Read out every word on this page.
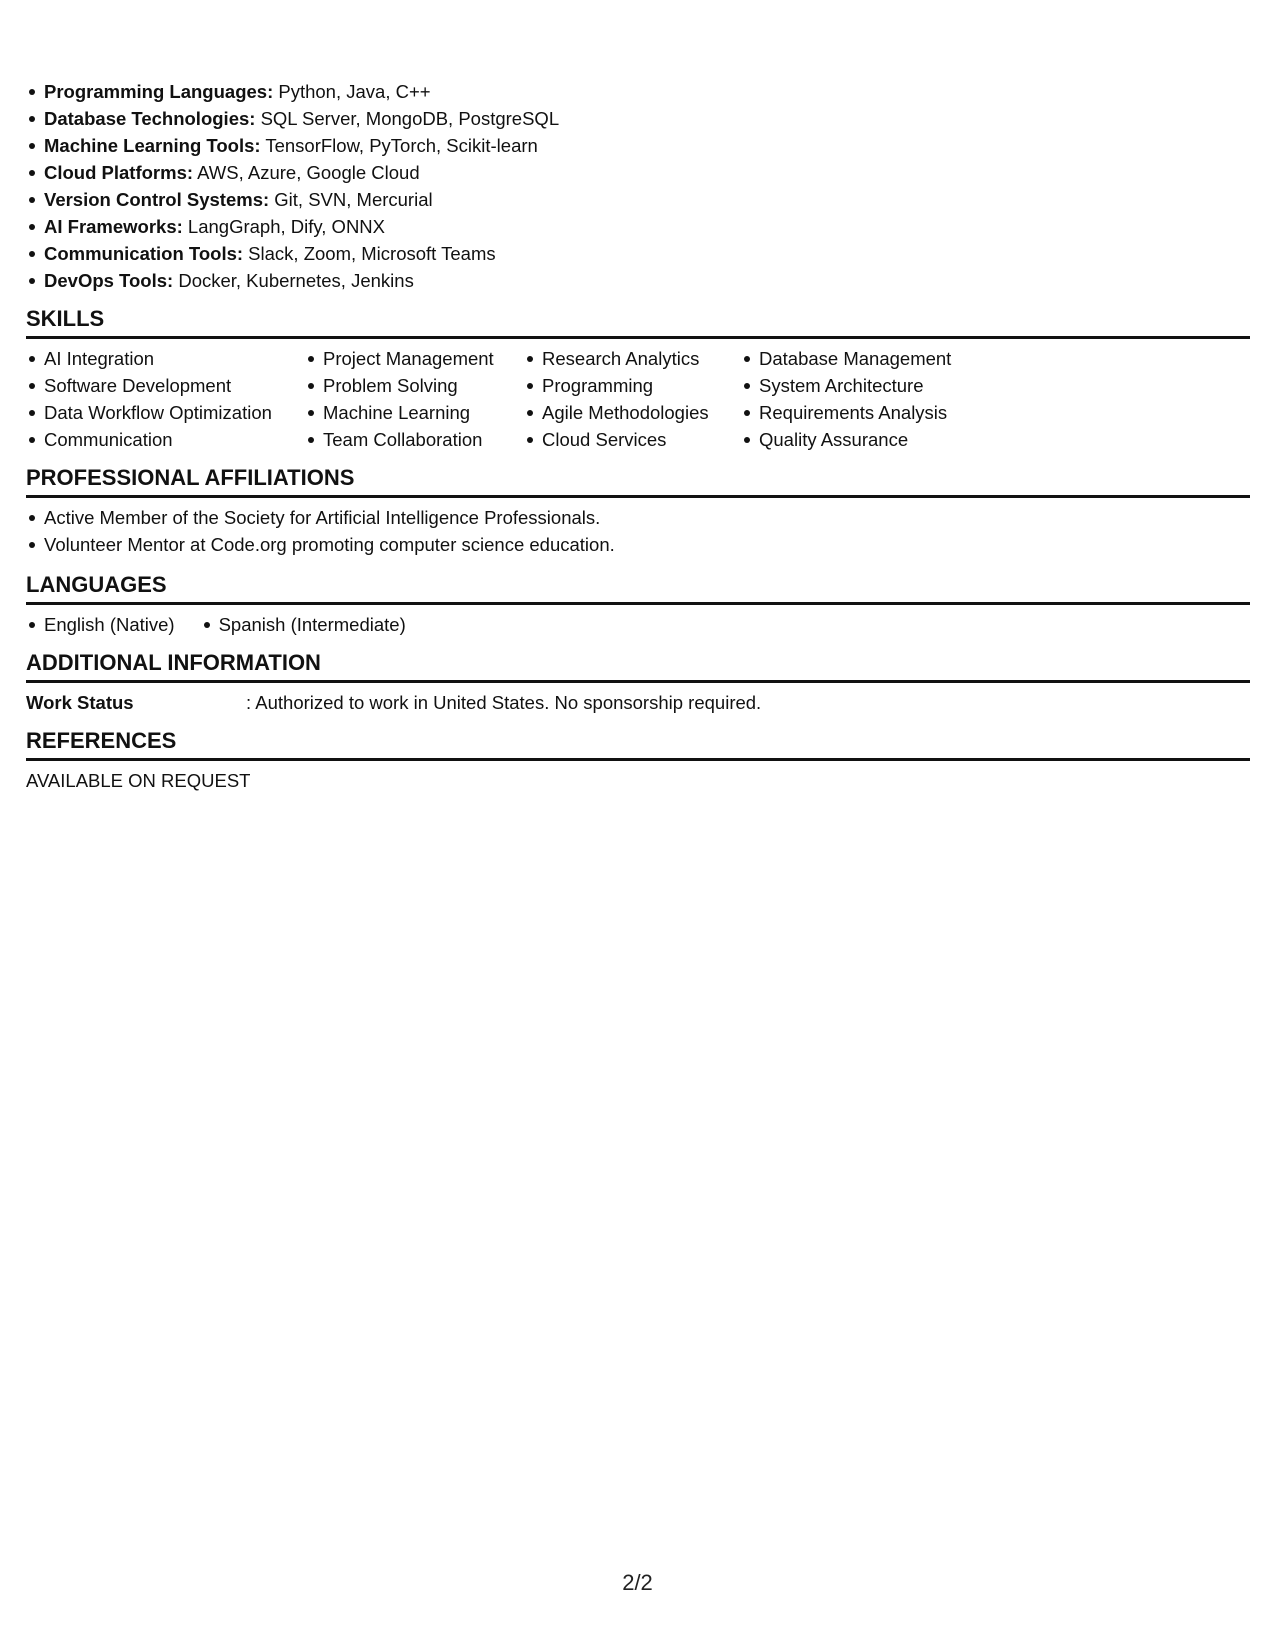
Programming Languages: Python, Java, C++
Database Technologies: SQL Server, MongoDB, PostgreSQL
Machine Learning Tools: TensorFlow, PyTorch, Scikit-learn
Cloud Platforms: AWS, Azure, Google Cloud
Version Control Systems: Git, SVN, Mercurial
AI Frameworks: LangGraph, Dify, ONNX
Communication Tools: Slack, Zoom, Microsoft Teams
DevOps Tools: Docker, Kubernetes, Jenkins
SKILLS
AI Integration
Software Development
Data Workflow Optimization
Communication
Project Management
Problem Solving
Machine Learning
Team Collaboration
Research Analytics
Programming
Agile Methodologies
Cloud Services
Database Management
System Architecture
Requirements Analysis
Quality Assurance
PROFESSIONAL AFFILIATIONS
Active Member of the Society for Artificial Intelligence Professionals.
Volunteer Mentor at Code.org promoting computer science education.
LANGUAGES
English (Native)	Spanish (Intermediate)
ADDITIONAL INFORMATION
Work Status	: Authorized to work in United States. No sponsorship required.
REFERENCES
AVAILABLE ON REQUEST
2/2
